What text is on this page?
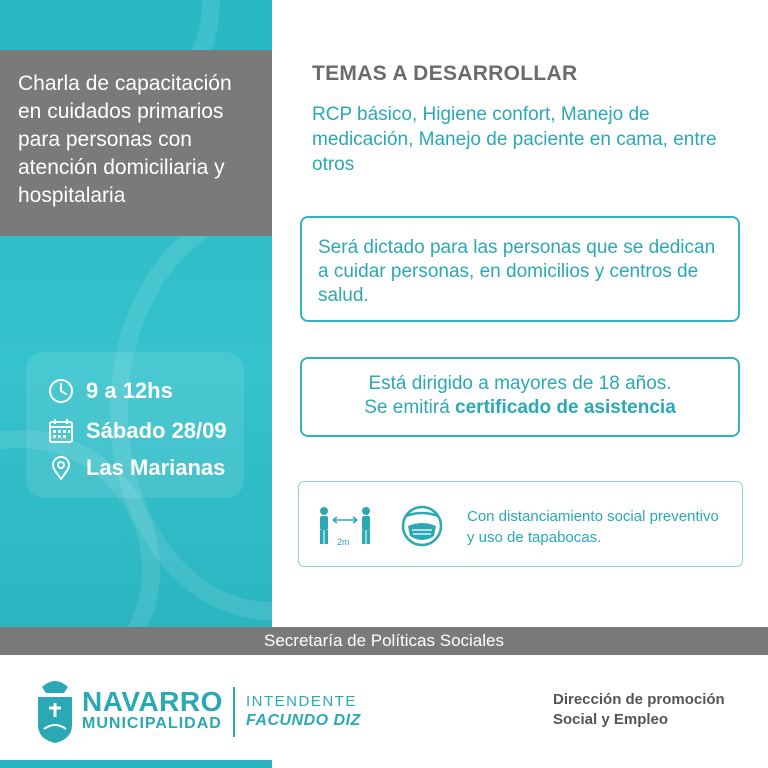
Charla de capacitación en cuidados primarios para personas con atención domiciliaria y hospitalaria
9 a 12hs
Sábado 28/09
Las Marianas
TEMAS A DESARROLLAR
RCP básico, Higiene confort, Manejo de medicación, Manejo de paciente en cama, entre otros
Será dictado para las personas que se dedican a cuidar personas, en domicilios y centros de salud.
Está dirigido a mayores de 18 años.
Se emitirá certificado de asistencia
2m
Con distanciamiento social preventivo y uso de tapabocas.
Secretaría de Políticas Sociales
NAVARRO
MUNICIPALIDAD
INTENDENTE
FACUNDO DIZ
Dirección de promoción
Social y Empleo
